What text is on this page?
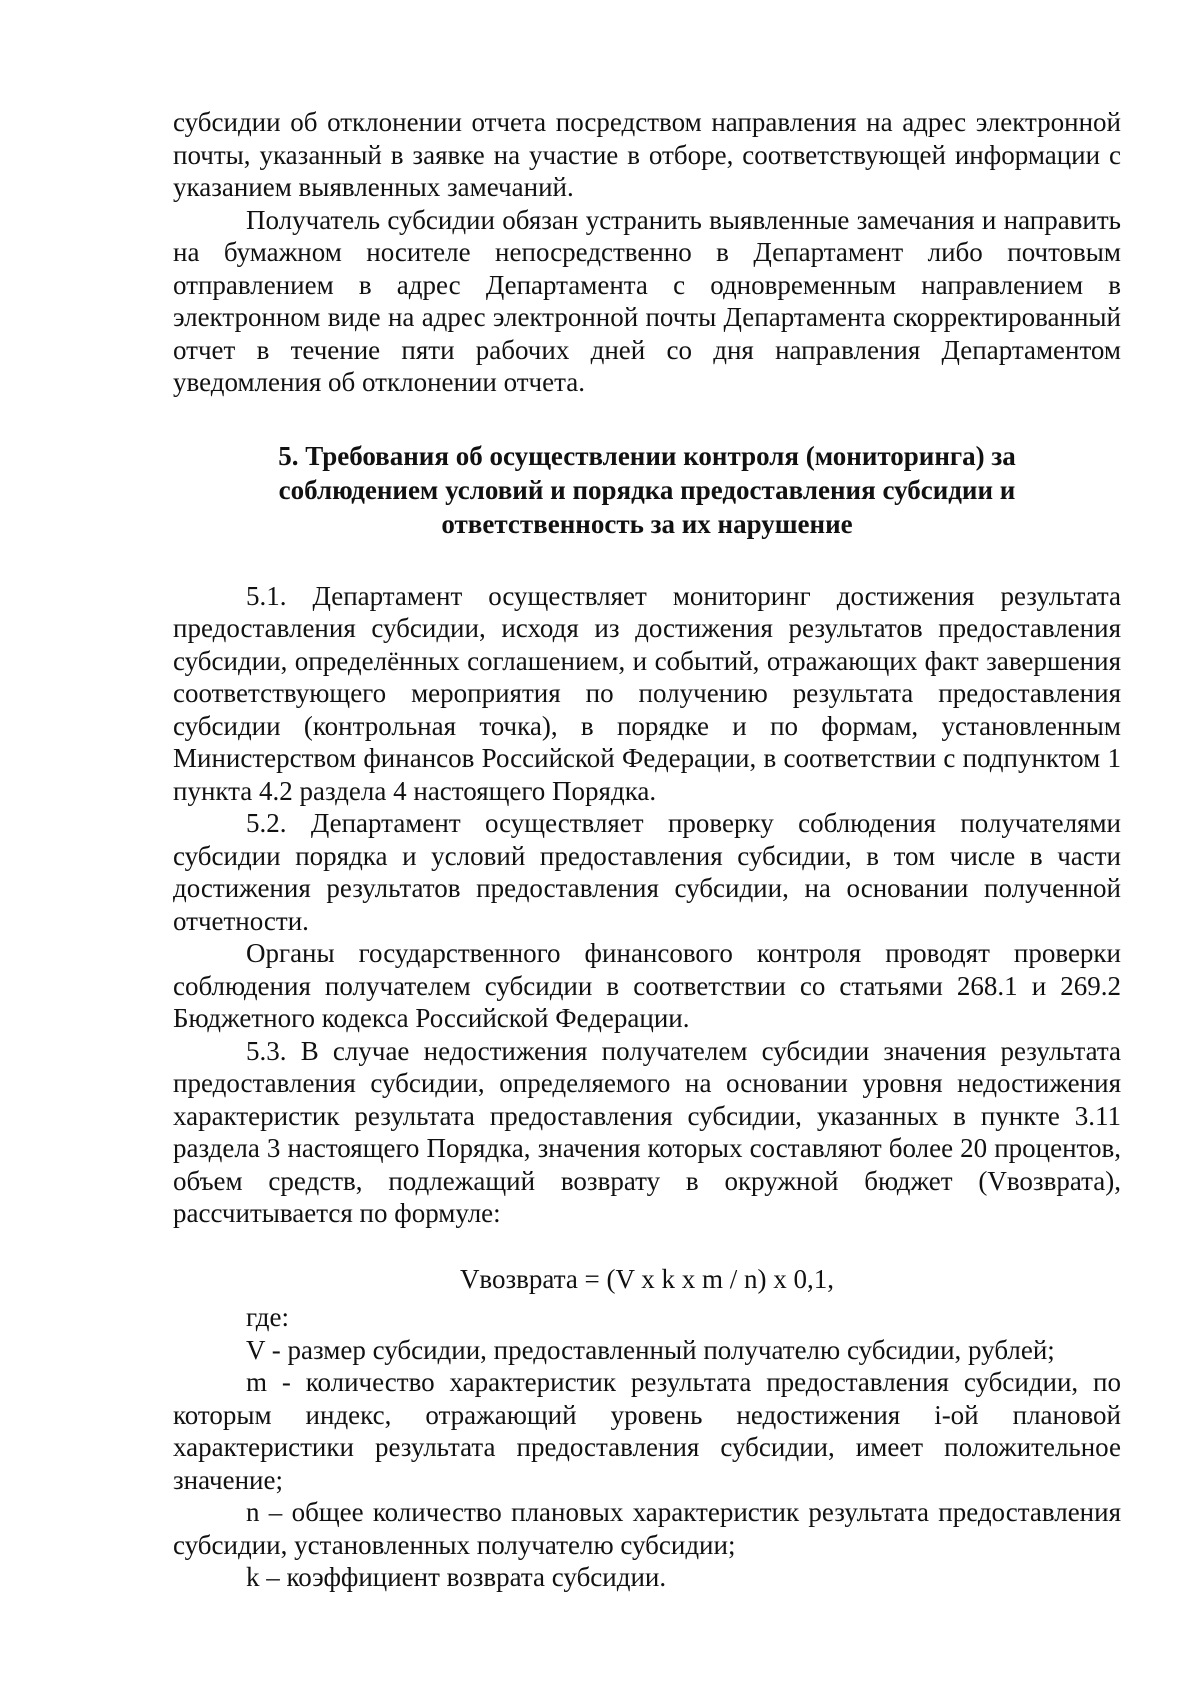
субсидии об отклонении отчета посредством направления на адрес электронной почты, указанный в заявке на участие в отборе, соответствующей информации с указанием выявленных замечаний.

Получатель субсидии обязан устранить выявленные замечания и направить на бумажном носителе непосредственно в Департамент либо почтовым отправлением в адрес Департамента с одновременным направлением в электронном виде на адрес электронной почты Департамента скорректированный отчет в течение пяти рабочих дней со дня направления Департаментом уведомления об отклонении отчета.

5. Требования об осуществлении контроля (мониторинга) за
соблюдением условий и порядка предоставления субсидии и
ответственность за их нарушение

5.1. Департамент осуществляет мониторинг достижения результата предоставления субсидии, исходя из достижения результатов предоставления субсидии, определённых соглашением, и событий, отражающих факт завершения соответствующего мероприятия по получению результата предоставления субсидии (контрольная точка), в порядке и по формам, установленным Министерством финансов Российской Федерации, в соответствии с подпунктом 1 пункта 4.2 раздела 4 настоящего Порядка.

5.2. Департамент осуществляет проверку соблюдения получателями субсидии порядка и условий предоставления субсидии, в том числе в части достижения результатов предоставления субсидии, на основании полученной отчетности.

Органы государственного финансового контроля проводят проверки соблюдения получателем субсидии в соответствии со статьями 268.1 и 269.2 Бюджетного кодекса Российской Федерации.

5.3. В случае недостижения получателем субсидии значения результата предоставления субсидии, определяемого на основании уровня недостижения характеристик результата предоставления субсидии, указанных в пункте 3.11 раздела 3 настоящего Порядка, значения которых составляют более 20 процентов, объем средств, подлежащий возврату в окружной бюджет (Vвозврата), рассчитывается по формуле:

Vвозврата = (V x k x m / n) x 0,1,

где:

V - размер субсидии, предоставленный получателю субсидии, рублей;

m - количество характеристик результата предоставления субсидии, по которым индекс, отражающий уровень недостижения i-ой плановой характеристики результата предоставления субсидии, имеет положительное значение;

n – общее количество плановых характеристик результата предоставления субсидии, установленных получателю субсидии;

k – коэффициент возврата субсидии.
